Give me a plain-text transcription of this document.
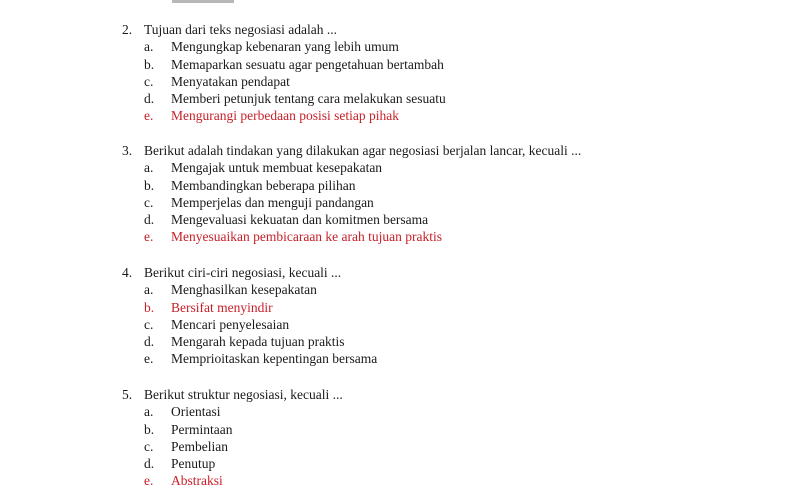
2. Tujuan dari teks negosiasi adalah ...
a. Mengungkap kebenaran yang lebih umum
b. Memaparkan sesuatu agar pengetahuan bertambah
c. Menyatakan pendapat
d. Memberi petunjuk tentang cara melakukan sesuatu
e. Mengurangi perbedaan posisi setiap pihak
3. Berikut adalah tindakan yang dilakukan agar negosiasi berjalan lancar, kecuali ...
a. Mengajak untuk membuat kesepakatan
b. Membandingkan beberapa pilihan
c. Memperjelas dan menguji pandangan
d. Mengevaluasi kekuatan dan komitmen bersama
e. Menyesuaikan pembicaraan ke arah tujuan praktis
4. Berikut ciri-ciri negosiasi, kecuali ...
a. Menghasilkan kesepakatan
b. Bersifat menyindir
c. Mencari penyelesaian
d. Mengarah kepada tujuan praktis
e. Memprioitaskan kepentingan bersama
5. Berikut struktur negosiasi, kecuali ...
a. Orientasi
b. Permintaan
c. Pembelian
d. Penutup
e. Abstraksi
